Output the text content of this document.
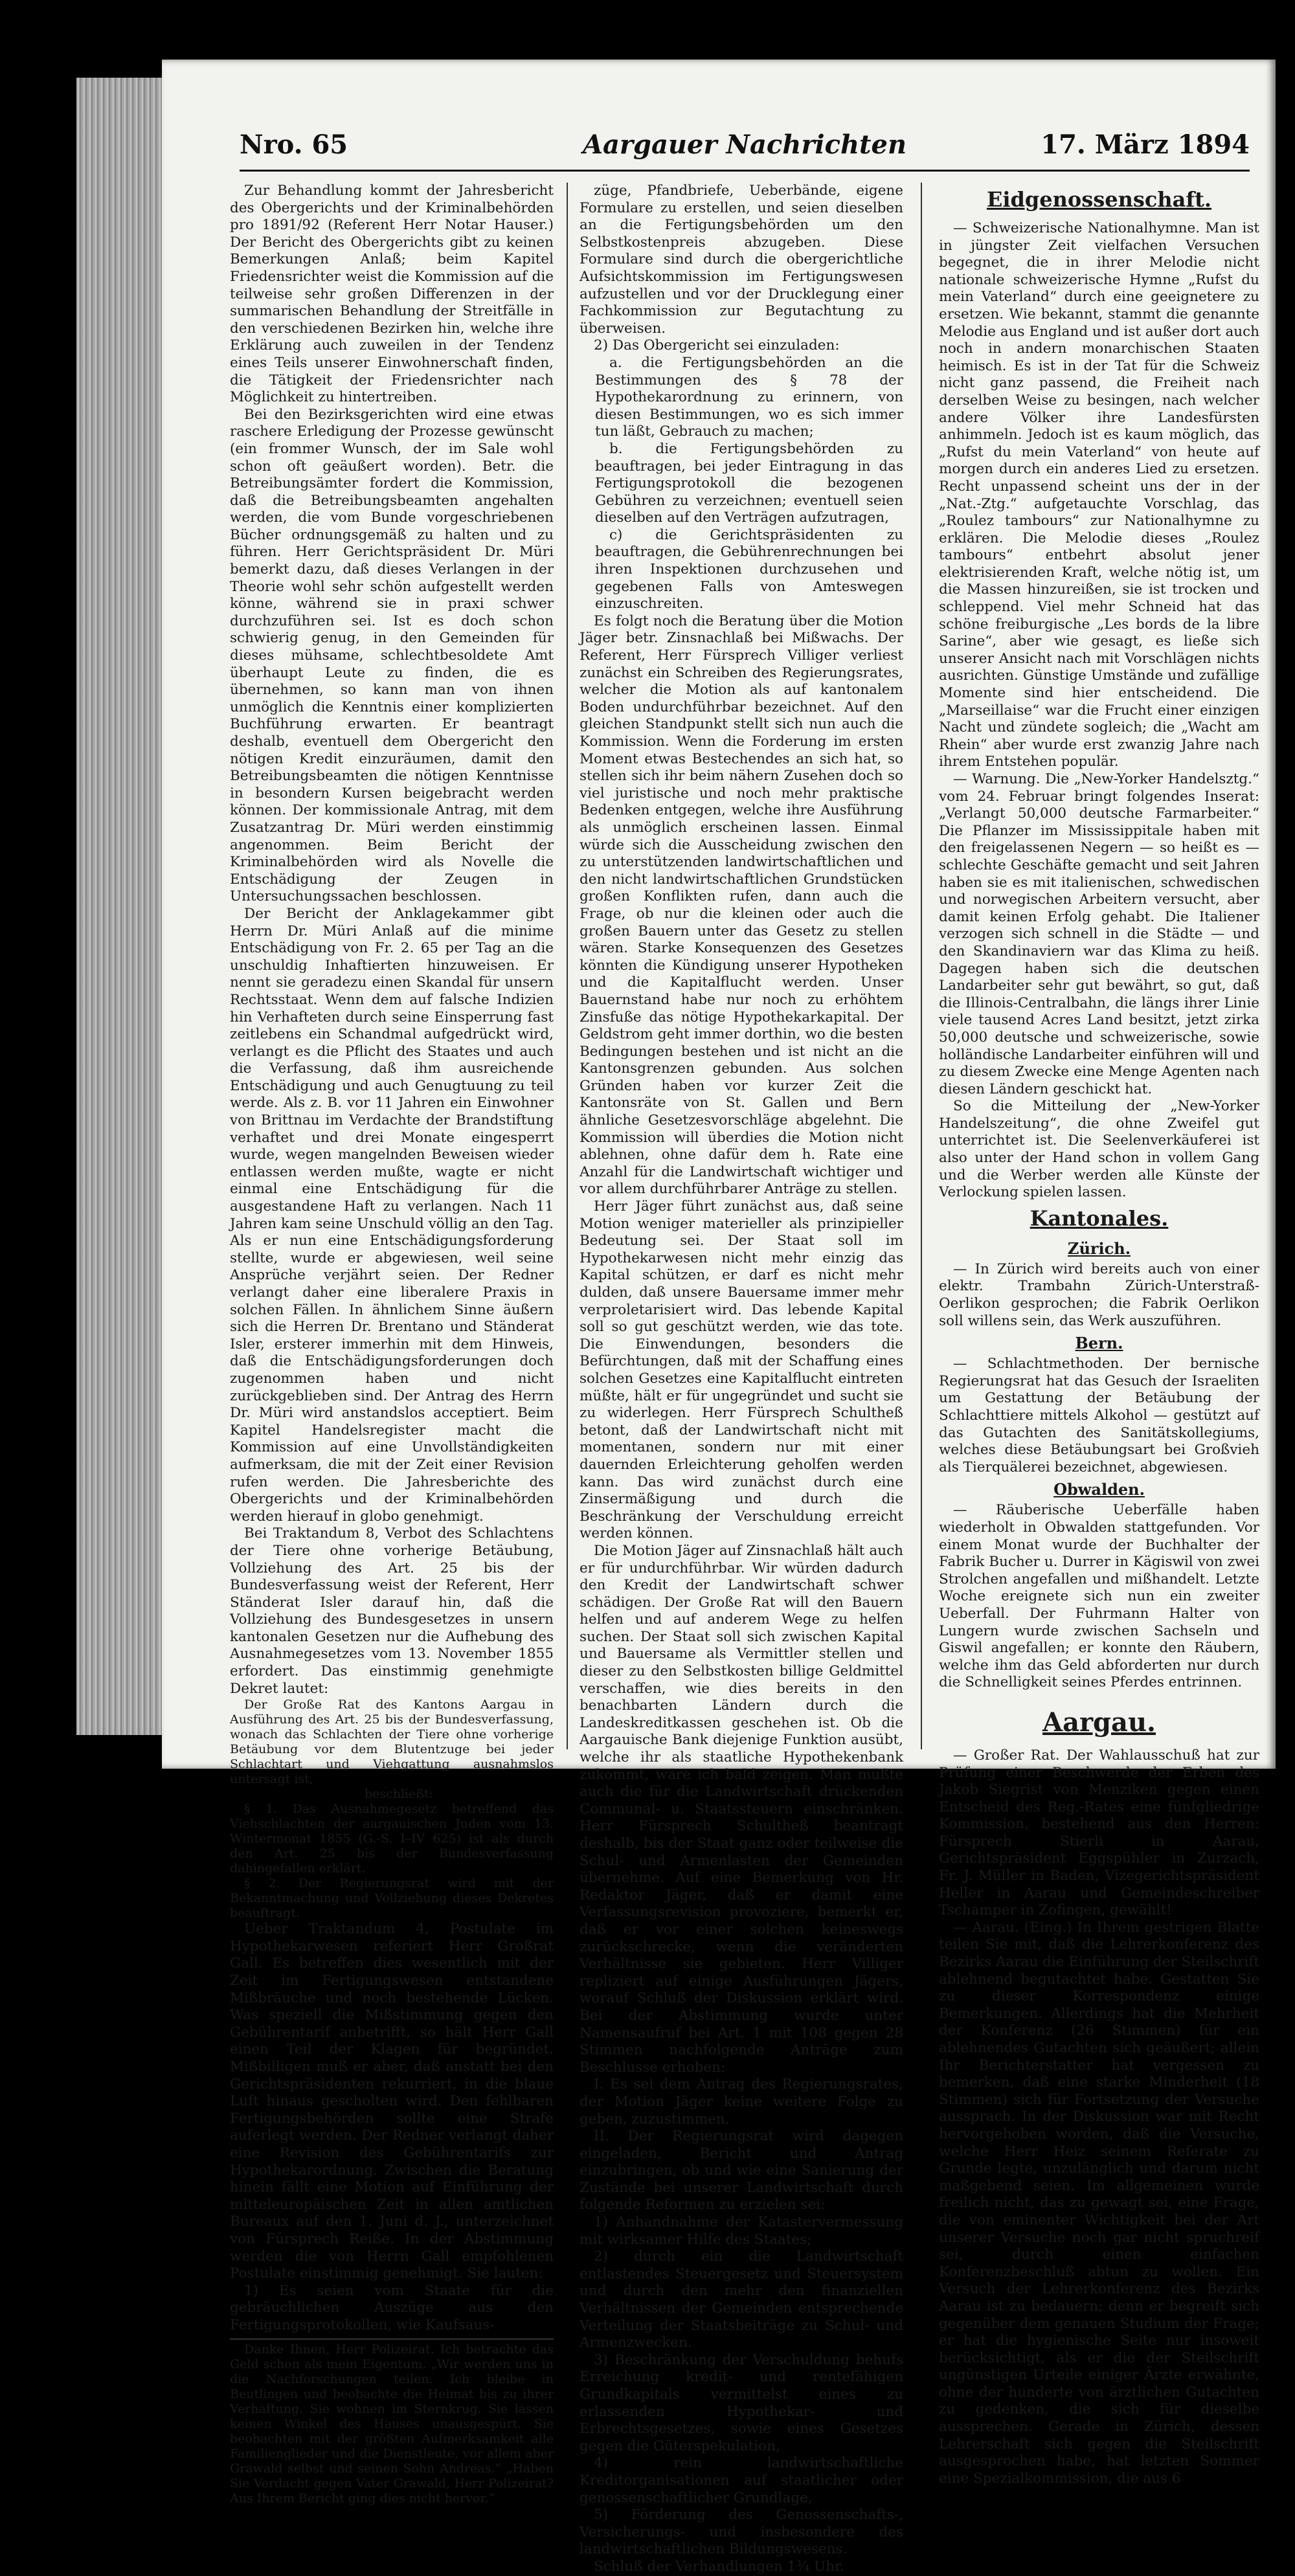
Nro. 65	Aargauer Nachrichten	17. März 1894

Zur Behandlung kommt der Jahresbericht des Obergerichts und der Kriminalbehörden pro 1891/92 (Referent Herr Notar Hauser.) Der Bericht des Obergerichts gibt zu keinen Bemerkungen Anlaß; beim Kapitel Friedensrichter weist die Kommission auf die teilweise sehr großen Differenzen in der summarischen Behandlung der Streitfälle in den verschiedenen Bezirken hin, welche ihre Erklärung auch zuweilen in der Tendenz eines Teils unserer Einwohnerschaft finden, die Tätigkeit der Friedensrichter nach Möglichkeit zu hintertreiben.

Bei den Bezirksgerichten wird eine etwas raschere Erledigung der Prozesse gewünscht (ein frommer Wunsch, der im Sale wohl schon oft geäußert worden). Betr. die Betreibungsämter fordert die Kommission, daß die Betreibungsbeamten angehalten werden, die vom Bunde vorgeschriebenen Bücher ordnungsgemäß zu halten und zu führen. Herr Gerichtspräsident Dr. Müri bemerkt dazu, daß dieses Verlangen in der Theorie wohl sehr schön aufgestellt werden könne, während sie in praxi schwer durchzuführen sei. Ist es doch schon schwierig genug, in den Gemeinden für dieses mühsame, schlechtbesoldete Amt überhaupt Leute zu finden, die es übernehmen, so kann man von ihnen unmöglich die Kenntnis einer komplizierten Buchführung erwarten. Er beantragt deshalb, eventuell dem Obergericht den nötigen Kredit einzuräumen, damit den Betreibungsbeamten die nötigen Kenntnisse in besondern Kursen beigebracht werden können. Der kommissionale Antrag, mit dem Zusatzantrag Dr. Müri werden einstimmig angenommen. Beim Bericht der Kriminalbehörden wird als Novelle die Entschädigung der Zeugen in Untersuchungssachen beschlossen.

Der Bericht der Anklagekammer gibt Herrn Dr. Müri Anlaß auf die minime Entschädigung von Fr. 2. 65 per Tag an die unschuldig Inhaftierten hinzuweisen. Er nennt sie geradezu einen Skandal für unsern Rechtsstaat. Wenn dem auf falsche Indizien hin Verhafteten durch seine Einsperrung fast zeitlebens ein Schandmal aufgedrückt wird, verlangt es die Pflicht des Staates und auch die Verfassung, daß ihm ausreichende Entschädigung und auch Genugtuung zu teil werde. Als z. B. vor 11 Jahren ein Einwohner von Brittnau im Verdachte der Brandstiftung verhaftet und drei Monate eingesperrt wurde, wegen mangelnden Beweisen wieder entlassen werden mußte, wagte er nicht einmal eine Entschädigung für die ausgestandene Haft zu verlangen. Nach 11 Jahren kam seine Unschuld völlig an den Tag. Als er nun eine Entschädigungsforderung stellte, wurde er abgewiesen, weil seine Ansprüche verjährt seien. Der Redner verlangt daher eine liberalere Praxis in solchen Fällen. In ähnlichem Sinne äußern sich die Herren Dr. Brentano und Ständerat Isler, ersterer immerhin mit dem Hinweis, daß die Entschädigungsforderungen doch zugenommen haben und nicht zurückgeblieben sind. Der Antrag des Herrn Dr. Müri wird anstandslos acceptiert. Beim Kapitel Handelsregister macht die Kommission auf eine Unvollständigkeiten aufmerksam, die mit der Zeit einer Revision rufen werden. Die Jahresberichte des Obergerichts und der Kriminalbehörden werden hierauf in globo genehmigt.

Bei Traktandum 8, Verbot des Schlachtens der Tiere ohne vorherige Betäubung, Vollziehung des Art. 25 bis der Bundesverfassung weist der Referent, Herr Ständerat Isler darauf hin, daß die Vollziehung des Bundesgesetzes in unsern kantonalen Gesetzen nur die Aufhebung des Ausnahmegesetzes vom 13. November 1855 erfordert. Das einstimmig genehmigte Dekret lautet:

Der Große Rat des Kantons Aargau in Ausführung des Art. 25 bis der Bundesverfassung, wonach das Schlachten der Tiere ohne vorherige Betäubung vor dem Blutentzuge bei jeder Schlachtart und Viehgattung ausnahmslos untersagt ist,

beschließt:

§ 1. Das Ausnahmegesetz betreffend das Viehschlachten der aargauischen Juden vom 13. Wintermonat 1855 (G.-S. I–IV 625) ist als durch den Art. 25 bis der Bundesverfassung dahingefallen erklärt.

§ 2. Der Regierungsrat wird mit der Bekanntmachung und Vollziehung dieses Dekretes beauftragt.

Ueber Traktandum 4, Postulate im Hypothekarwesen referiert Herr Großrat Gall. Es betreffen dies wesentlich mit der Zeit im Fertigungswesen entstandene Mißbräuche und noch bestehende Lücken. Was speziell die Mißstimmung gegen den Gebührentarif anbetrifft, so hält Herr Gall einen Teil der Klagen für begründet. Mißbilligen muß er aber, daß anstatt bei den Gerichtspräsidenten rekurriert, in die blaue Luft hinaus gescholten wird. Den fehlbaren Fertigungsbehörden sollte eine Strafe auferlegt werden. Der Redner verlangt daher eine Revision des Gebührentarifs zur Hypothekarordnung. Zwischen die Beratung hinein fällt eine Motion auf Einführung der mitteleuropäischen Zeit in allen amtlichen Bureaux auf den 1. Juni d. J., unterzeichnet von Fürsprech Reiße. In der Abstimmung werden die von Herrn Gall empfohlenen Postulate einstimmig genehmigt. Sie lauten:

1) Es seien vom Staate für die gebräuchlichen Auszüge aus den Fertigungsprotokollen, wie Kaufsaus-

Danke Ihnen, Herr Polizeirat. Ich betrachte das Geld schon als mein Eigentum. „Wir werden uns in die Nachforschungen teilen. Ich bleibe in Beutlingen und beobachte die Heimat bis zu ihrer Verhaftung. Sie wohnen im Sternkrug. Sie lassen keinen Winkel des Hauses unausgespürt. Sie beobachten mit der größten Aufmerksamkeit alle Familienglieder und die Dienstleute, vor allem aber Grawald selbst und seinen Sohn Andreas.“ „Haben Sie Verdacht gegen Vater Grawald, Herr Polizeirat? Aus Ihrem Bericht ging dies nicht hervor.“

züge, Pfandbriefe, Ueberbände, eigene Formulare zu erstellen, und seien dieselben an die Fertigungsbehörden um den Selbstkostenpreis abzugeben. Diese Formulare sind durch die obergerichtliche Aufsichtskommission im Fertigungswesen aufzustellen und vor der Drucklegung einer Fachkommission zur Begutachtung zu überweisen.

2) Das Obergericht sei einzuladen:

a. die Fertigungsbehörden an die Bestimmungen des § 78 der Hypothekarordnung zu erinnern, von diesen Bestimmungen, wo es sich immer tun läßt, Gebrauch zu machen;

b. die Fertigungsbehörden zu beauftragen, bei jeder Eintragung in das Fertigungsprotokoll die bezogenen Gebühren zu verzeichnen; eventuell seien dieselben auf den Verträgen aufzutragen,

c) die Gerichtspräsidenten zu beauftragen, die Gebührenrechnungen bei ihren Inspektionen durchzusehen und gegebenen Falls von Amteswegen einzuschreiten.

Es folgt noch die Beratung über die Motion Jäger betr. Zinsnachlaß bei Mißwachs. Der Referent, Herr Fürsprech Villiger verliest zunächst ein Schreiben des Regierungsrates, welcher die Motion als auf kantonalem Boden undurchführbar bezeichnet. Auf den gleichen Standpunkt stellt sich nun auch die Kommission. Wenn die Forderung im ersten Moment etwas Bestechendes an sich hat, so stellen sich ihr beim nähern Zusehen doch so viel juristische und noch mehr praktische Bedenken entgegen, welche ihre Ausführung als unmöglich erscheinen lassen. Einmal würde sich die Ausscheidung zwischen den zu unterstützenden landwirtschaftlichen und den nicht landwirtschaftlichen Grundstücken großen Konflikten rufen, dann auch die Frage, ob nur die kleinen oder auch die großen Bauern unter das Gesetz zu stellen wären. Starke Konsequenzen des Gesetzes könnten die Kündigung unserer Hypotheken und die Kapitalflucht werden. Unser Bauernstand habe nur noch zu erhöhtem Zinsfuße das nötige Hypothekarkapital. Der Geldstrom geht immer dorthin, wo die besten Bedingungen bestehen und ist nicht an die Kantonsgrenzen gebunden. Aus solchen Gründen haben vor kurzer Zeit die Kantonsräte von St. Gallen und Bern ähnliche Gesetzesvorschläge abgelehnt. Die Kommission will überdies die Motion nicht ablehnen, ohne dafür dem h. Rate eine Anzahl für die Landwirtschaft wichtiger und vor allem durchführbarer Anträge zu stellen.

Herr Jäger führt zunächst aus, daß seine Motion weniger materieller als prinzipieller Bedeutung sei. Der Staat soll im Hypothekarwesen nicht mehr einzig das Kapital schützen, er darf es nicht mehr dulden, daß unsere Bauersame immer mehr verproletarisiert wird. Das lebende Kapital soll so gut geschützt werden, wie das tote. Die Einwendungen, besonders die Befürchtungen, daß mit der Schaffung eines solchen Gesetzes eine Kapitalflucht eintreten müßte, hält er für ungegründet und sucht sie zu widerlegen. Herr Fürsprech Schultheß betont, daß der Landwirtschaft nicht mit momentanen, sondern nur mit einer dauernden Erleichterung geholfen werden kann. Das wird zunächst durch eine Zinsermäßigung und durch die Beschränkung der Verschuldung erreicht werden können.

Die Motion Jäger auf Zinsnachlaß hält auch er für undurchführbar. Wir würden dadurch den Kredit der Landwirtschaft schwer schädigen. Der Große Rat will den Bauern helfen und auf anderem Wege zu helfen suchen. Der Staat soll sich zwischen Kapital und Bauersame als Vermittler stellen und dieser zu den Selbstkosten billige Geldmittel verschaffen, wie dies bereits in den benachbarten Ländern durch die Landeskreditkassen geschehen ist. Ob die Aargauische Bank diejenige Funktion ausübt, welche ihr als staatliche Hypothekenbank zukommt, wäre ich bald zeigen. Man müßte auch die für die Landwirtschaft drückenden Communal- u. Staatssteuern einschränken. Herr Fürsprech Schultheß beantragt deshalb, bis der Staat ganz oder teilweise die Schul- und Armenlasten der Gemeinden übernehme. Auf eine Bemerkung von Hr. Redaktor Jäger, daß er damit eine Verfassungsrevision provoziere, bemerkt er, daß er vor einer solchen keineswegs zurückschrecke, wenn die veränderten Verhältnisse sie gebieten. Herr Villiger repliziert auf einige Ausführungen Jägers, worauf Schluß der Diskussion erklärt wird. Bei der Abstimmung wurde unter Namensaufruf bei Art. 1 mit 108 gegen 28 Stimmen nachfolgende Anträge zum Beschlusse erhoben:

I. Es sei dem Antrag des Regierungsrates, der Motion Jäger keine weitere Folge zu geben, zuzustimmen.

II. Der Regierungsrat wird dagegen eingeladen, Bericht und Antrag einzubringen, ob und wie eine Sanierung der Zustände bei unserer Landwirtschaft durch folgende Reformen zu erzielen sei:

1) Anhandnahme der Katastervermessung mit wirksamer Hilfe des Staates;

2) durch ein die Landwirtschaft entlastendes Steuergesetz und Steuersystem und durch den mehr den finanziellen Verhältnissen der Gemeinden entsprechende Verteilung der Staatsbeiträge zu Schul- und Armenzwecken.

3) Beschränkung der Verschuldung behufs Erreichung kredit- und rentefähigen Grundkapitals vermittelst eines zu erlassenden Hypothekar- und Erbrechtsgesetzes, sowie eines Gesetzes gegen die Güterspekulation,

4) rein landwirtschaftliche Kreditorganisationen auf staatlicher oder genossenschaftlicher Grundlage,

5) Förderung des Genossenschafts-, Versicherungs- und insbesondere des landwirtschaftlichen Bildungswesens.

Schluß der Verhandlungen 1¾ Uhr.

Eidgenossenschaft.

— Schweizerische Nationalhymne. Man ist in jüngster Zeit vielfachen Versuchen begegnet, die in ihrer Melodie nicht nationale schweizerische Hymne „Rufst du mein Vaterland“ durch eine geeignetere zu ersetzen. Wie bekannt, stammt die genannte Melodie aus England und ist außer dort auch noch in andern monarchischen Staaten heimisch. Es ist in der Tat für die Schweiz nicht ganz passend, die Freiheit nach derselben Weise zu besingen, nach welcher andere Völker ihre Landesfürsten anhimmeln. Jedoch ist es kaum möglich, das „Rufst du mein Vaterland“ von heute auf morgen durch ein anderes Lied zu ersetzen. Recht unpassend scheint uns der in der „Nat.-Ztg.“ aufgetauchte Vorschlag, das „Roulez tambours“ zur Nationalhymne zu erklären. Die Melodie dieses „Roulez tambours“ entbehrt absolut jener elektrisierenden Kraft, welche nötig ist, um die Massen hinzureißen, sie ist trocken und schleppend. Viel mehr Schneid hat das schöne freiburgische „Les bords de la libre Sarine“, aber wie gesagt, es ließe sich unserer Ansicht nach mit Vorschlägen nichts ausrichten. Günstige Umstände und zufällige Momente sind hier entscheidend. Die „Marseillaise“ war die Frucht einer einzigen Nacht und zündete sogleich; die „Wacht am Rhein“ aber wurde erst zwanzig Jahre nach ihrem Entstehen populär.

— Warnung. Die „New-Yorker Handelsztg.“ vom 24. Februar bringt folgendes Inserat: „Verlangt 50,000 deutsche Farmarbeiter.“ Die Pflanzer im Mississippitale haben mit den freigelassenen Negern — so heißt es — schlechte Geschäfte gemacht und seit Jahren haben sie es mit italienischen, schwedischen und norwegischen Arbeitern versucht, aber damit keinen Erfolg gehabt. Die Italiener verzogen sich schnell in die Städte — und den Skandinaviern war das Klima zu heiß. Dagegen haben sich die deutschen Landarbeiter sehr gut bewährt, so gut, daß die Illinois-Centralbahn, die längs ihrer Linie viele tausend Acres Land besitzt, jetzt zirka 50,000 deutsche und schweizerische, sowie holländische Landarbeiter einführen will und zu diesem Zwecke eine Menge Agenten nach diesen Ländern geschickt hat.

So die Mitteilung der „New-Yorker Handelszeitung“, die ohne Zweifel gut unterrichtet ist. Die Seelenverkäuferei ist also unter der Hand schon in vollem Gang und die Werber werden alle Künste der Verlockung spielen lassen.

Kantonales.
Zürich.

— In Zürich wird bereits auch von einer elektr. Trambahn Zürich-Unterstraß-Oerlikon gesprochen; die Fabrik Oerlikon soll willens sein, das Werk auszuführen.

Bern.

— Schlachtmethoden. Der bernische Regierungsrat hat das Gesuch der Israeliten um Gestattung der Betäubung der Schlachttiere mittels Alkohol — gestützt auf das Gutachten des Sanitätskollegiums, welches diese Betäubungsart bei Großvieh als Tierquälerei bezeichnet, abgewiesen.

Obwalden.

— Räuberische Ueberfälle haben wiederholt in Obwalden stattgefunden. Vor einem Monat wurde der Buchhalter der Fabrik Bucher u. Durrer in Kägiswil von zwei Strolchen angefallen und mißhandelt. Letzte Woche ereignete sich nun ein zweiter Ueberfall. Der Fuhrmann Halter von Lungern wurde zwischen Sachseln und Giswil angefallen; er konnte den Räubern, welche ihm das Geld abforderten nur durch die Schnelligkeit seines Pferdes entrinnen.

Aargau.

— Großer Rat. Der Wahlausschuß hat zur Prüfung einer Beschwerde der Erben des Jakob Siegrist von Menziken gegen einen Entscheid des Reg.-Rates eine fünfgliedrige Kommission, bestehend aus den Herren: Fürsprech Stierli in Aarau, Gerichtspräsident Eggspühler in Zurzach, Fr. J. Müller in Baden, Vizegerichtspräsident Heller in Aarau und Gemeindeschreiber Tschamper in Zofingen, gewählt!

— Aarau. (Eing.) In Ihrem gestrigen Blatte teilen Sie mit, daß die Lehrerkonferenz des Bezirks Aarau die Einführung der Steilschrift ablehnend begutachtet habe. Gestatten Sie zu dieser Korrespondenz einige Bemerkungen. Allerdings hat die Mehrheit der Konferenz (26 Stimmen) für ein ablehnendes Gutachten sich geäußert; allein Ihr Berichterstatter hat vergessen zu bemerken, daß eine starke Minderheit (18 Stimmen) sich für Fortsetzung der Versuche aussprach. In der Diskussion war mit Recht hervorgehoben worden, daß die Versuche, welche Herr Heiz seinem Referate zu Grunde legte, unzulänglich und darum nicht maßgebend seien. Im allgemeinen wurde freilich nicht, das zu gewagt sei, eine Frage, die von eminenter Wichtigkeit bei der Art unserer Versuche noch gar nicht spruchreif sei, durch einen einfachen Konferenzbeschluß abtun zu wollen. Ein Versuch der Lehrerkonferenz des Bezirks Aarau ist zu bedauern; denn er begreift sich gegenüber dem genauen Studium der Frage; er hat die hygienische Seite nur insoweit berücksichtigt, als er die der Steilschrift ungünstigen Urteile einiger Ärzte erwähnte, ohne der hunderte von ärztlichen Gutachten zu gedenken, die sich für dieselbe aussprechen. Gerade in Zürich, dessen Lehrerschaft sich gegen die Steilschrift ausgesprochen habe, hat letzten Sommer eine Spezialkommission, die aus 6
